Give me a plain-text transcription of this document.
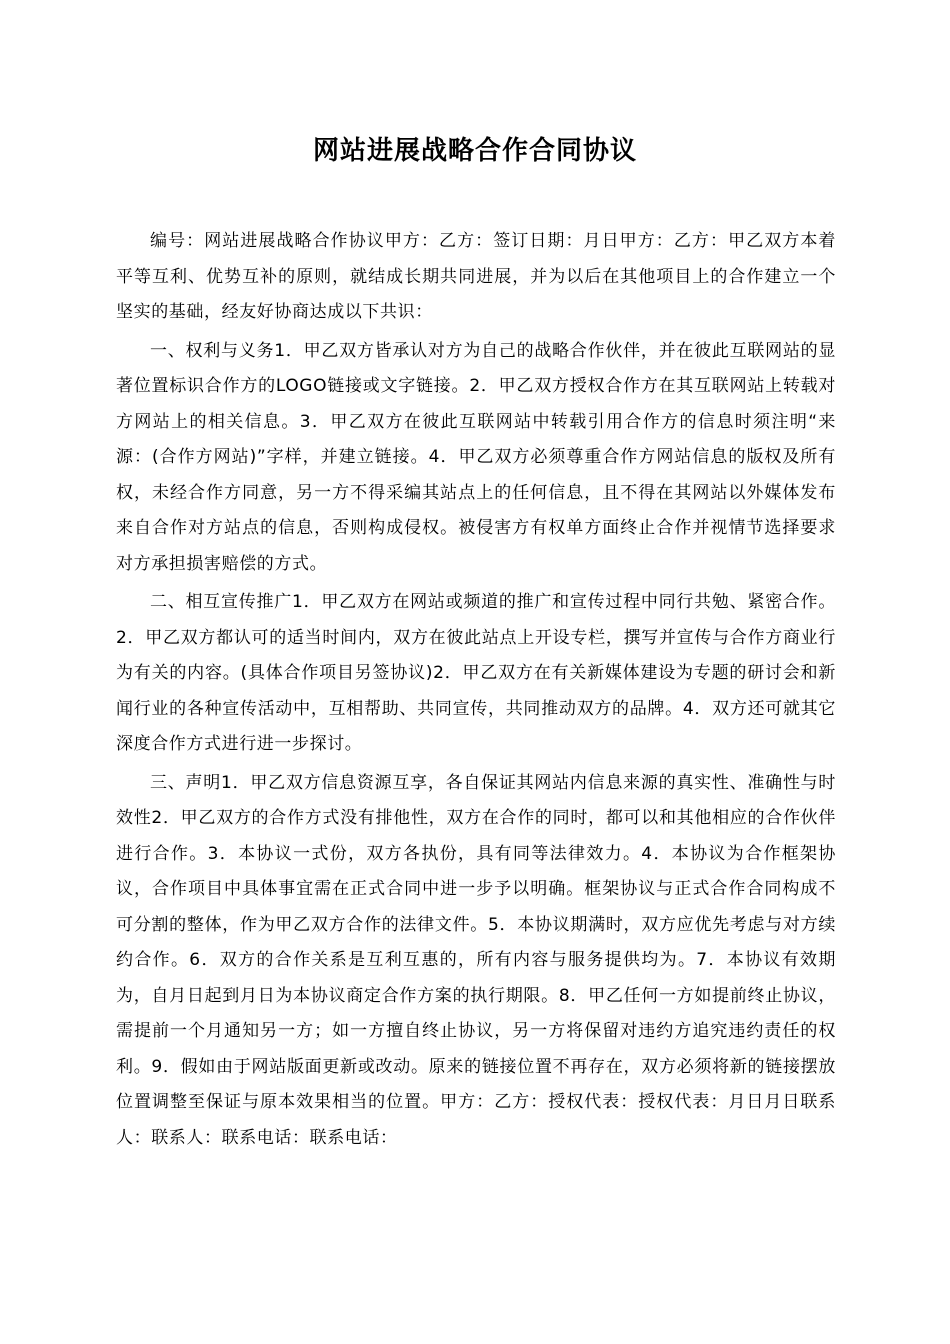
网站进展战略合作合同协议

编号：网站进展战略合作协议甲方：乙方：签订日期：月日甲方：乙方：甲乙双方本着平等互利、优势互补的原则，就结成长期共同进展，并为以后在其他项目上的合作建立一个坚实的基础，经友好协商达成以下共识：

一、权利与义务1．甲乙双方皆承认对方为自己的战略合作伙伴，并在彼此互联网站的显著位置标识合作方的LOGO链接或文字链接。2．甲乙双方授权合作方在其互联网站上转载对方网站上的相关信息。3．甲乙双方在彼此互联网站中转载引用合作方的信息时须注明“来源：(合作方网站)”字样，并建立链接。4．甲乙双方必须尊重合作方网站信息的版权及所有权，未经合作方同意，另一方不得采编其站点上的任何信息，且不得在其网站以外媒体发布来自合作对方站点的信息，否则构成侵权。被侵害方有权单方面终止合作并视情节选择要求对方承担损害赔偿的方式。

二、相互宣传推广1．甲乙双方在网站或频道的推广和宣传过程中同行共勉、紧密合作。2．甲乙双方都认可的适当时间内，双方在彼此站点上开设专栏，撰写并宣传与合作方商业行为有关的内容。(具体合作项目另签协议)2．甲乙双方在有关新媒体建设为专题的研讨会和新闻行业的各种宣传活动中，互相帮助、共同宣传，共同推动双方的品牌。4．双方还可就其它深度合作方式进行进一步探讨。

三、声明1．甲乙双方信息资源互享，各自保证其网站内信息来源的真实性、准确性与时效性2．甲乙双方的合作方式没有排他性，双方在合作的同时，都可以和其他相应的合作伙伴进行合作。3．本协议一式份，双方各执份，具有同等法律效力。4．本协议为合作框架协议，合作项目中具体事宜需在正式合同中进一步予以明确。框架协议与正式合作合同构成不可分割的整体，作为甲乙双方合作的法律文件。5．本协议期满时，双方应优先考虑与对方续约合作。6．双方的合作关系是互利互惠的，所有内容与服务提供均为。7．本协议有效期为，自月日起到月日为本协议商定合作方案的执行期限。8．甲乙任何一方如提前终止协议，需提前一个月通知另一方；如一方擅自终止协议，另一方将保留对违约方追究违约责任的权利。9．假如由于网站版面更新或改动。原来的链接位置不再存在，双方必须将新的链接摆放位置调整至保证与原本效果相当的位置。甲方：乙方：授权代表：授权代表：月日月日联系人：联系人：联系电话：联系电话：
